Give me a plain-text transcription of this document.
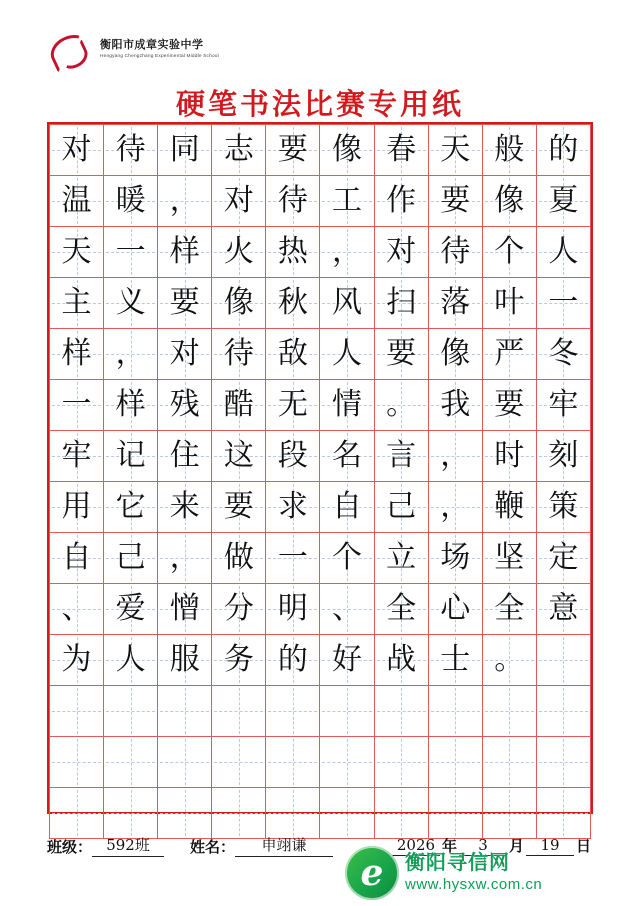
衡阳市成章实验中学
Hengyang Chengzhang Experimental Middle School
硬笔书法比赛专用纸
对	待	同	志	要	像	春	天	般	的

温	暖	，	对	待	工	作	要	像	夏

天	一	样	火	热	，	对	待	个	人

主	义	要	像	秋	风	扫	落	叶	一

样	，	对	待	敌	人	要	像	严	冬

一	样	残	酷	无	情	。	我	要	牢

牢	记	住	这	段	名	言	，	时	刻

用	它	来	要	求	自	己	，	鞭	策

自	己	，	做	一	个	立	场	坚	定

、	爱	憎	分	明	、	全	心	全	意

为	人	服	务	的	好	战	士	。	

班级： 592班	姓名：	申翊谦	2026 年	3	月	19	日
e	衡阳寻信网
www.hysxw.com.cn
